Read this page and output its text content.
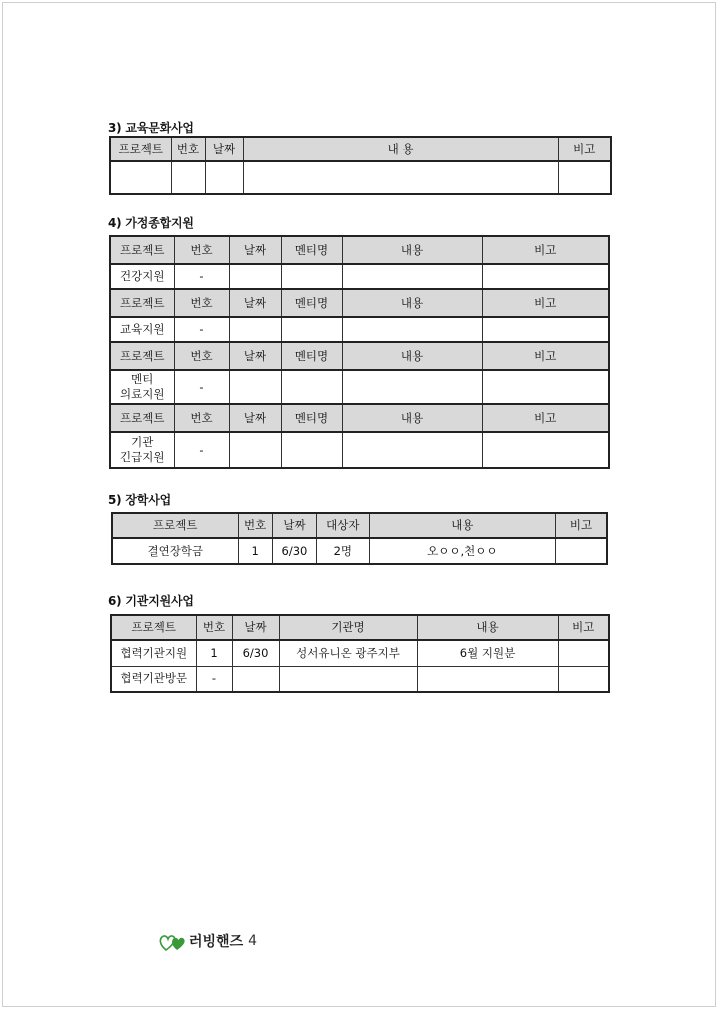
3) 교육문화사업
프로젝트	번호	날짜	내 용	비고

4) 가정종합지원
프로젝트	번호	날짜	멘티명	내용	비고
건강지원	-				
프로젝트	번호	날짜	멘티명	내용	비고
교육지원	-				
프로젝트	번호	날짜	멘티명	내용	비고

멘티
의료지원	-				
프로젝트	번호	날짜	멘티명	내용	비고

기관
긴급지원	-				
5) 장학사업
프로젝트	번호	날짜	대상자	내용	비고
결연장학금	1	6/30	2명	오ㅇㅇ,천ㅇㅇ	
6) 기관지원사업
프로젝트	번호	날짜	기관명	내용	비고
협력기관지원	1	6/30	성서유니온 광주지부	6월 지원분	
협력기관방문	-				
러빙핸즈 4
